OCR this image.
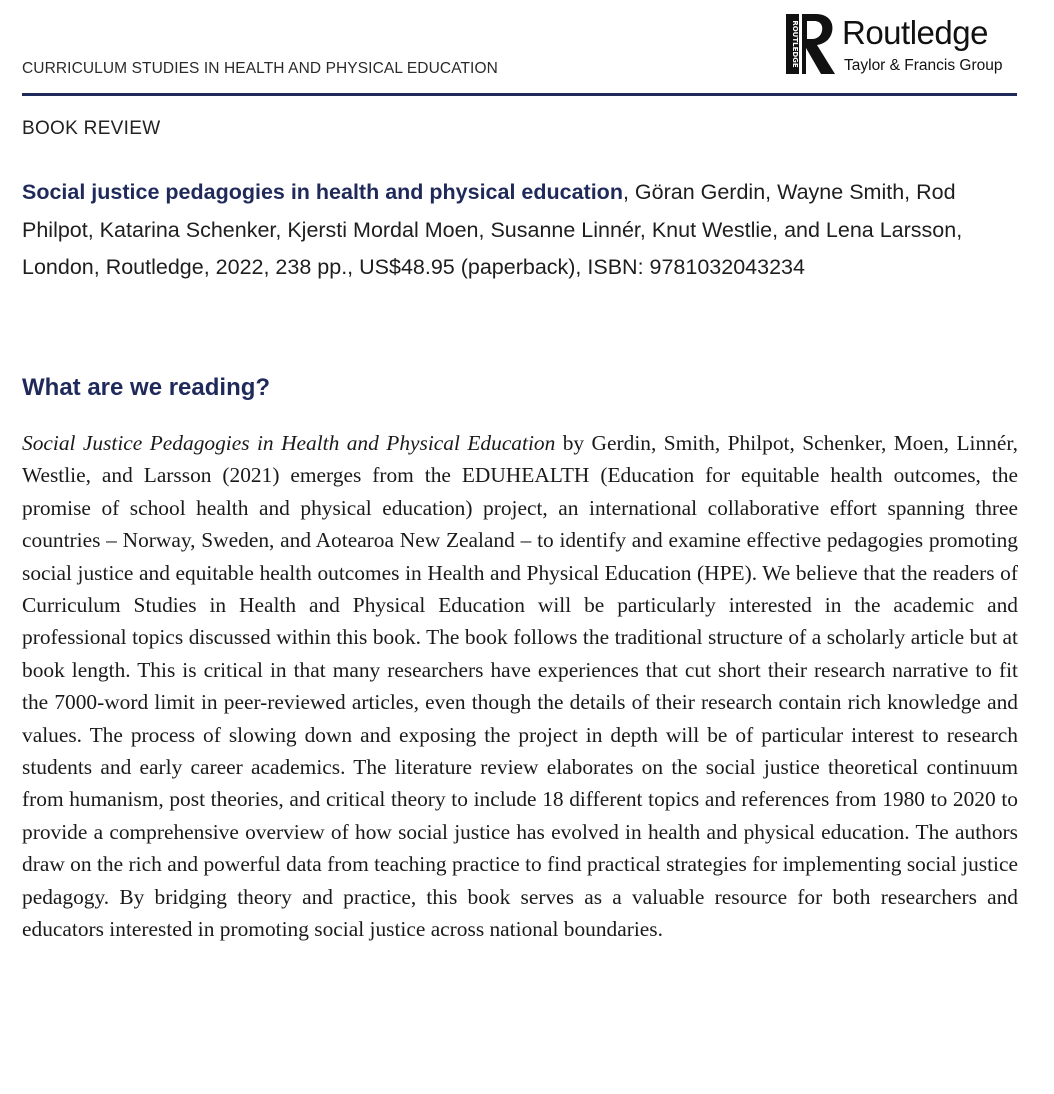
CURRICULUM STUDIES IN HEALTH AND PHYSICAL EDUCATION
ROUTLEDGE Routledge
Taylor & Francis Group
BOOK REVIEW
Social justice pedagogies in health and physical education, Göran Gerdin, Wayne Smith, Rod Philpot, Katarina Schenker, Kjersti Mordal Moen, Susanne Linnér, Knut Westlie, and Lena Larsson, London, Routledge, 2022, 238 pp., US$48.95 (paperback), ISBN: 9781032043234
What are we reading?
Social Justice Pedagogies in Health and Physical Education by Gerdin, Smith, Philpot, Schenker, Moen, Linnér, Westlie, and Larsson (2021) emerges from the EDUHEALTH (Education for equitable health outcomes, the promise of school health and physical education) project, an international collaborative effort spanning three countries – Norway, Sweden, and Aotearoa New Zealand – to identify and examine effective pedagogies promoting social justice and equitable health outcomes in Health and Physical Education (HPE). We believe that the readers of Curriculum Studies in Health and Physical Education will be particularly interested in the academic and professional topics discussed within this book. The book follows the traditional structure of a scholarly article but at book length. This is critical in that many researchers have experiences that cut short their research narrative to fit the 7000-word limit in peer-reviewed articles, even though the details of their research contain rich knowledge and values. The process of slowing down and exposing the project in depth will be of particular interest to research students and early career academics. The literature review elaborates on the social justice theoretical continuum from humanism, post theories, and critical theory to include 18 different topics and references from 1980 to 2020 to provide a comprehensive overview of how social justice has evolved in health and physical education. The authors draw on the rich and powerful data from teaching practice to find practical strategies for implementing social justice pedagogy. By bridging theory and practice, this book serves as a valuable resource for both researchers and educators interested in promoting social justice across national boundaries.
